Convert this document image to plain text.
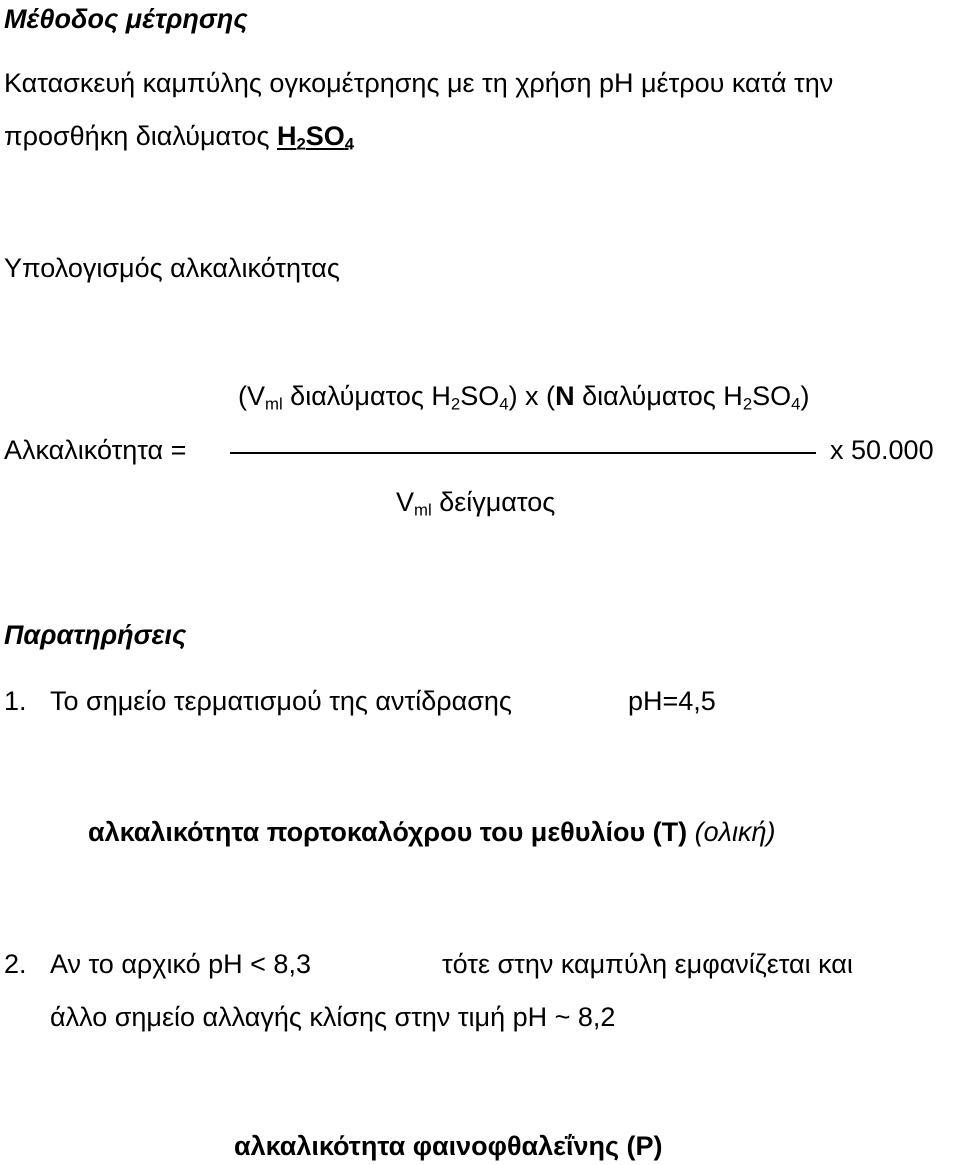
Μέθοδος μέτρησης
Κατασκευή καμπύλης ογκομέτρησης με τη χρήση pH μέτρου κατά την
προσθήκη διαλύματος $H_2SO_4$
Υπολογισμός αλκαλικότητας
($V_{ml}$ διαλύματος $H_2SO_4$) x (N διαλύματος $H_2SO_4$)
Αλκαλικότητα =	x 50.000
$V_{ml}$ δείγματος
Παρατηρήσεις
1. Το σημείο τερματισμού της αντίδρασης	pH=4,5
αλκαλικότητα πορτοκαλόχρου του μεθυλίου (T) (ολική)
2. Αν το αρχικό pH < 8,3	τότε στην καμπύλη εμφανίζεται και
άλλο σημείο αλλαγής κλίσης στην τιμή pH ~ 8,2
αλκαλικότητα φαινοφθαλεΐνης (P)
